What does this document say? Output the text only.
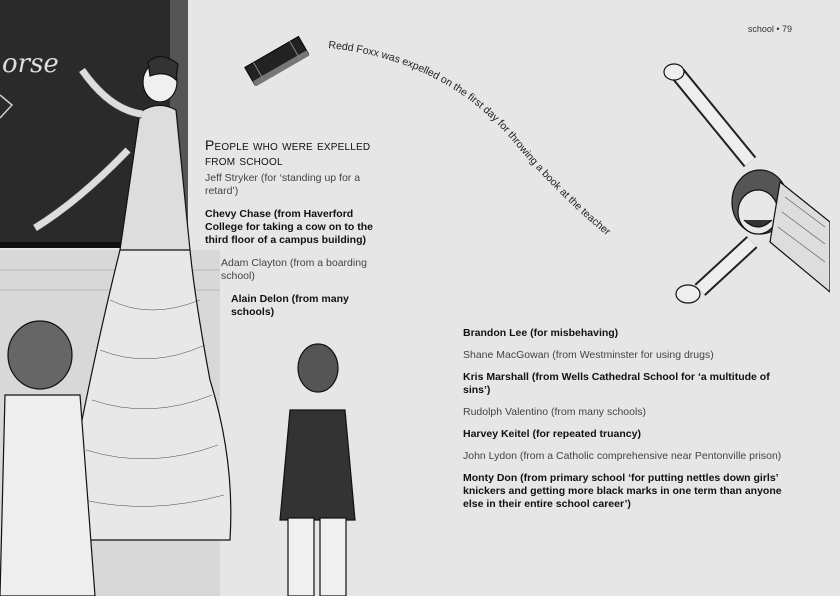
orse
school • 79
Redd Foxx was expelled on the first day for throwing a book at the teacher
People who were expelled from school
Jeff Stryker (for ‘standing up for a retard’)
Chevy Chase (from Haverford College for taking a cow on to the third floor of a campus building)
Adam Clayton (from a boarding school)
Alain Delon (from many schools)
Brandon Lee (for misbehaving)
Shane MacGowan (from Westminster for using drugs)
Kris Marshall (from Wells Cathedral School for ‘a multitude of sins’)
Rudolph Valentino (from many schools)
Harvey Keitel (for repeated truancy)
John Lydon (from a Catholic comprehensive near Pentonville prison)
Monty Don (from primary school ‘for putting nettles down girls’ knickers and getting more black marks in one term than anyone else in their entire school career’)
